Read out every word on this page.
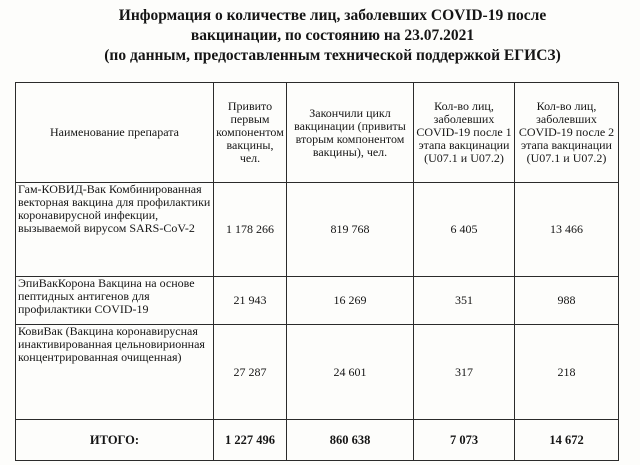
Информация о количестве лиц, заболевших COVID-19 после
вакцинации, по состоянию на 23.07.2021
(по данным, предоставленным технической поддержкой ЕГИСЗ)
Наименование препарата	Привито первым компонентом вакцины, чел.	Закончили цикл вакцинации (привиты вторым компонентом вакцины), чел.	Кол-во лиц, заболевших COVID-19 после 1 этапа вакцинации (U07.1 и U07.2)	Кол-во лиц, заболевших COVID-19 после 2 этапа вакцинации (U07.1 и U07.2)
Гам-КОВИД-Вак Комбинированная векторная вакцина для профилактики коронавирусной инфекции, вызываемой вирусом SARS-CoV-2	1 178 266	819 768	6 405	13 466
ЭпиВакКорона Вакцина на основе пептидных антигенов для профилактики COVID-19	21 943	16 269	351	988
КовиВак (Вакцина коронавирусная инактивированная цельновирионная концентрированная очищенная)	27 287	24 601	317	218
ИТОГО:	1 227 496	860 638	7 073	14 672
